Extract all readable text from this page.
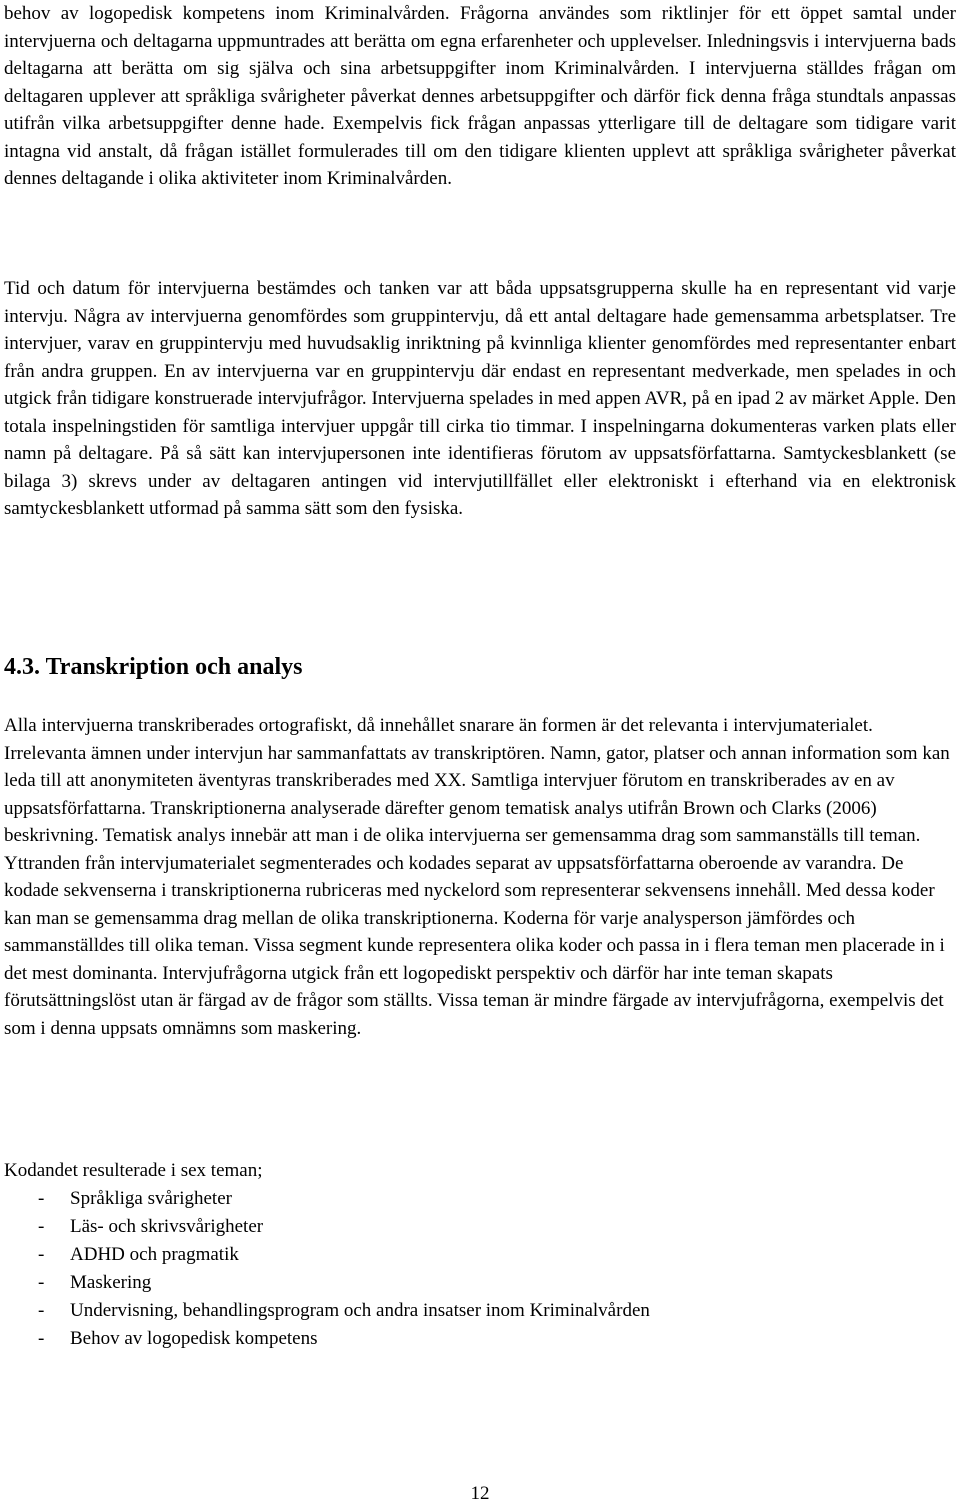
behov av logopedisk kompetens inom Kriminalvården. Frågorna användes som riktlinjer för ett öppet samtal under intervjuerna och deltagarna uppmuntrades att berätta om egna erfarenheter och upplevelser. Inledningsvis i intervjuerna bads deltagarna att berätta om sig själva och sina arbetsuppgifter inom Kriminalvården. I intervjuerna ställdes frågan om deltagaren upplever att språkliga svårigheter påverkat dennes arbetsuppgifter och därför fick denna fråga stundtals anpassas utifrån vilka arbetsuppgifter denne hade. Exempelvis fick frågan anpassas ytterligare till de deltagare som tidigare varit intagna vid anstalt, då frågan istället formulerades till om den tidigare klienten upplevt att språkliga svårigheter påverkat dennes deltagande i olika aktiviteter inom Kriminalvården.

Tid och datum för intervjuerna bestämdes och tanken var att båda uppsatsgrupperna skulle ha en representant vid varje intervju. Några av intervjuerna genomfördes som gruppintervju, då ett antal deltagare hade gemensamma arbetsplatser. Tre intervjuer, varav en gruppintervju med huvudsaklig inriktning på kvinnliga klienter genomfördes med representanter enbart från andra gruppen. En av intervjuerna var en gruppintervju där endast en representant medverkade, men spelades in och utgick från tidigare konstruerade intervjufrågor. Intervjuerna spelades in med appen AVR, på en ipad 2 av märket Apple. Den totala inspelningstiden för samtliga intervjuer uppgår till cirka tio timmar. I inspelningarna dokumenteras varken plats eller namn på deltagare. På så sätt kan intervjupersonen inte identifieras förutom av uppsatsförfattarna. Samtyckesblankett (se bilaga 3) skrevs under av deltagaren antingen vid intervjutillfället eller elektroniskt i efterhand via en elektronisk samtyckesblankett utformad på samma sätt som den fysiska.

4.3. Transkription och analys

Alla intervjuerna transkriberades ortografiskt, då innehållet snarare än formen är det relevanta i intervjumaterialet. Irrelevanta ämnen under intervjun har sammanfattats av transkriptören. Namn, gator, platser och annan information som kan leda till att anonymiteten äventyras transkriberades med XX. Samtliga intervjuer förutom en transkriberades av en av uppsatsförfattarna. Transkriptionerna analyserade därefter genom tematisk analys utifrån Brown och Clarks (2006) beskrivning. Tematisk analys innebär att man i de olika intervjuerna ser gemensamma drag som sammanställs till teman. Yttranden från intervjumaterialet segmenterades och kodades separat av uppsatsförfattarna oberoende av varandra. De kodade sekvenserna i transkriptionerna rubriceras med nyckelord som representerar sekvensens innehåll. Med dessa koder kan man se gemensamma drag mellan de olika transkriptionerna. Koderna för varje analysperson jämfördes och sammanställdes till olika teman. Vissa segment kunde representera olika koder och passa in i flera teman men placerade in i det mest dominanta. Intervjufrågorna utgick från ett logopediskt perspektiv och därför har inte teman skapats förutsättningslöst utan är färgad av de frågor som ställts. Vissa teman är mindre färgade av intervjufrågorna, exempelvis det som i denna uppsats omnämns som maskering.

Kodandet resulterade i sex teman;

- Språkliga svårigheter
- Läs- och skrivsvårigheter
- ADHD och pragmatik
- Maskering
- Undervisning, behandlingsprogram och andra insatser inom Kriminalvården
- Behov av logopedisk kompetens
12
